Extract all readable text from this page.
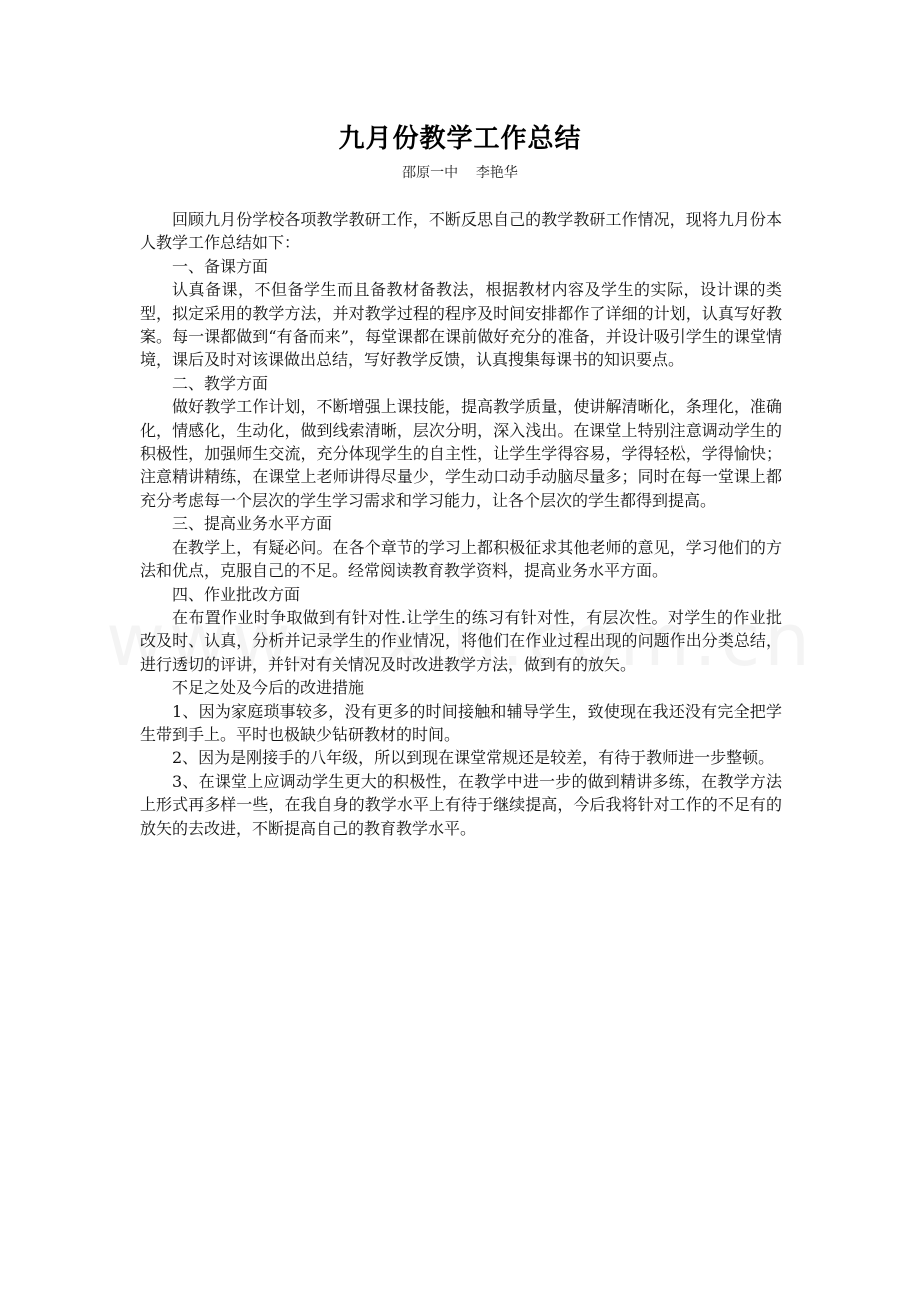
九月份教学工作总结
邵原一中    李艳华

回顾九月份学校各项教学教研工作，不断反思自己的教学教研工作情况，现将九月份本人教学工作总结如下：

一、备课方面

认真备课，不但备学生而且备教材备教法，根据教材内容及学生的实际，设计课的类型，拟定采用的教学方法，并对教学过程的程序及时间安排都作了详细的计划，认真写好教案。每一课都做到“有备而来”，每堂课都在课前做好充分的准备，并设计吸引学生的课堂情境，课后及时对该课做出总结，写好教学反馈，认真搜集每课书的知识要点。

二、教学方面

做好教学工作计划，不断增强上课技能，提高教学质量，使讲解清晰化，条理化，准确化，情感化，生动化，做到线索清晰，层次分明，深入浅出。在课堂上特别注意调动学生的积极性，加强师生交流，充分体现学生的自主性，让学生学得容易，学得轻松，学得愉快；注意精讲精练，在课堂上老师讲得尽量少，学生动口动手动脑尽量多；同时在每一堂课上都充分考虑每一个层次的学生学习需求和学习能力，让各个层次的学生都得到提高。

三、提高业务水平方面

在教学上，有疑必问。在各个章节的学习上都积极征求其他老师的意见，学习他们的方法和优点，克服自己的不足。经常阅读教育教学资料，提高业务水平方面。

四、作业批改方面

在布置作业时争取做到有针对性.让学生的练习有针对性，有层次性。对学生的作业批改及时、认真，分析并记录学生的作业情况，将他们在作业过程出现的问题作出分类总结，进行透切的评讲，并针对有关情况及时改进教学方法，做到有的放矢。

不足之处及今后的改进措施

1、因为家庭琐事较多，没有更多的时间接触和辅导学生，致使现在我还没有完全把学生带到手上。平时也极缺少钻研教材的时间。

2、因为是刚接手的八年级，所以到现在课堂常规还是较差，有待于教师进一步整顿。

3、在课堂上应调动学生更大的积极性，在教学中进一步的做到精讲多练，在教学方法上形式再多样一些，在我自身的教学水平上有待于继续提高，今后我将针对工作的不足有的放矢的去改进，不断提高自己的教育教学水平。
